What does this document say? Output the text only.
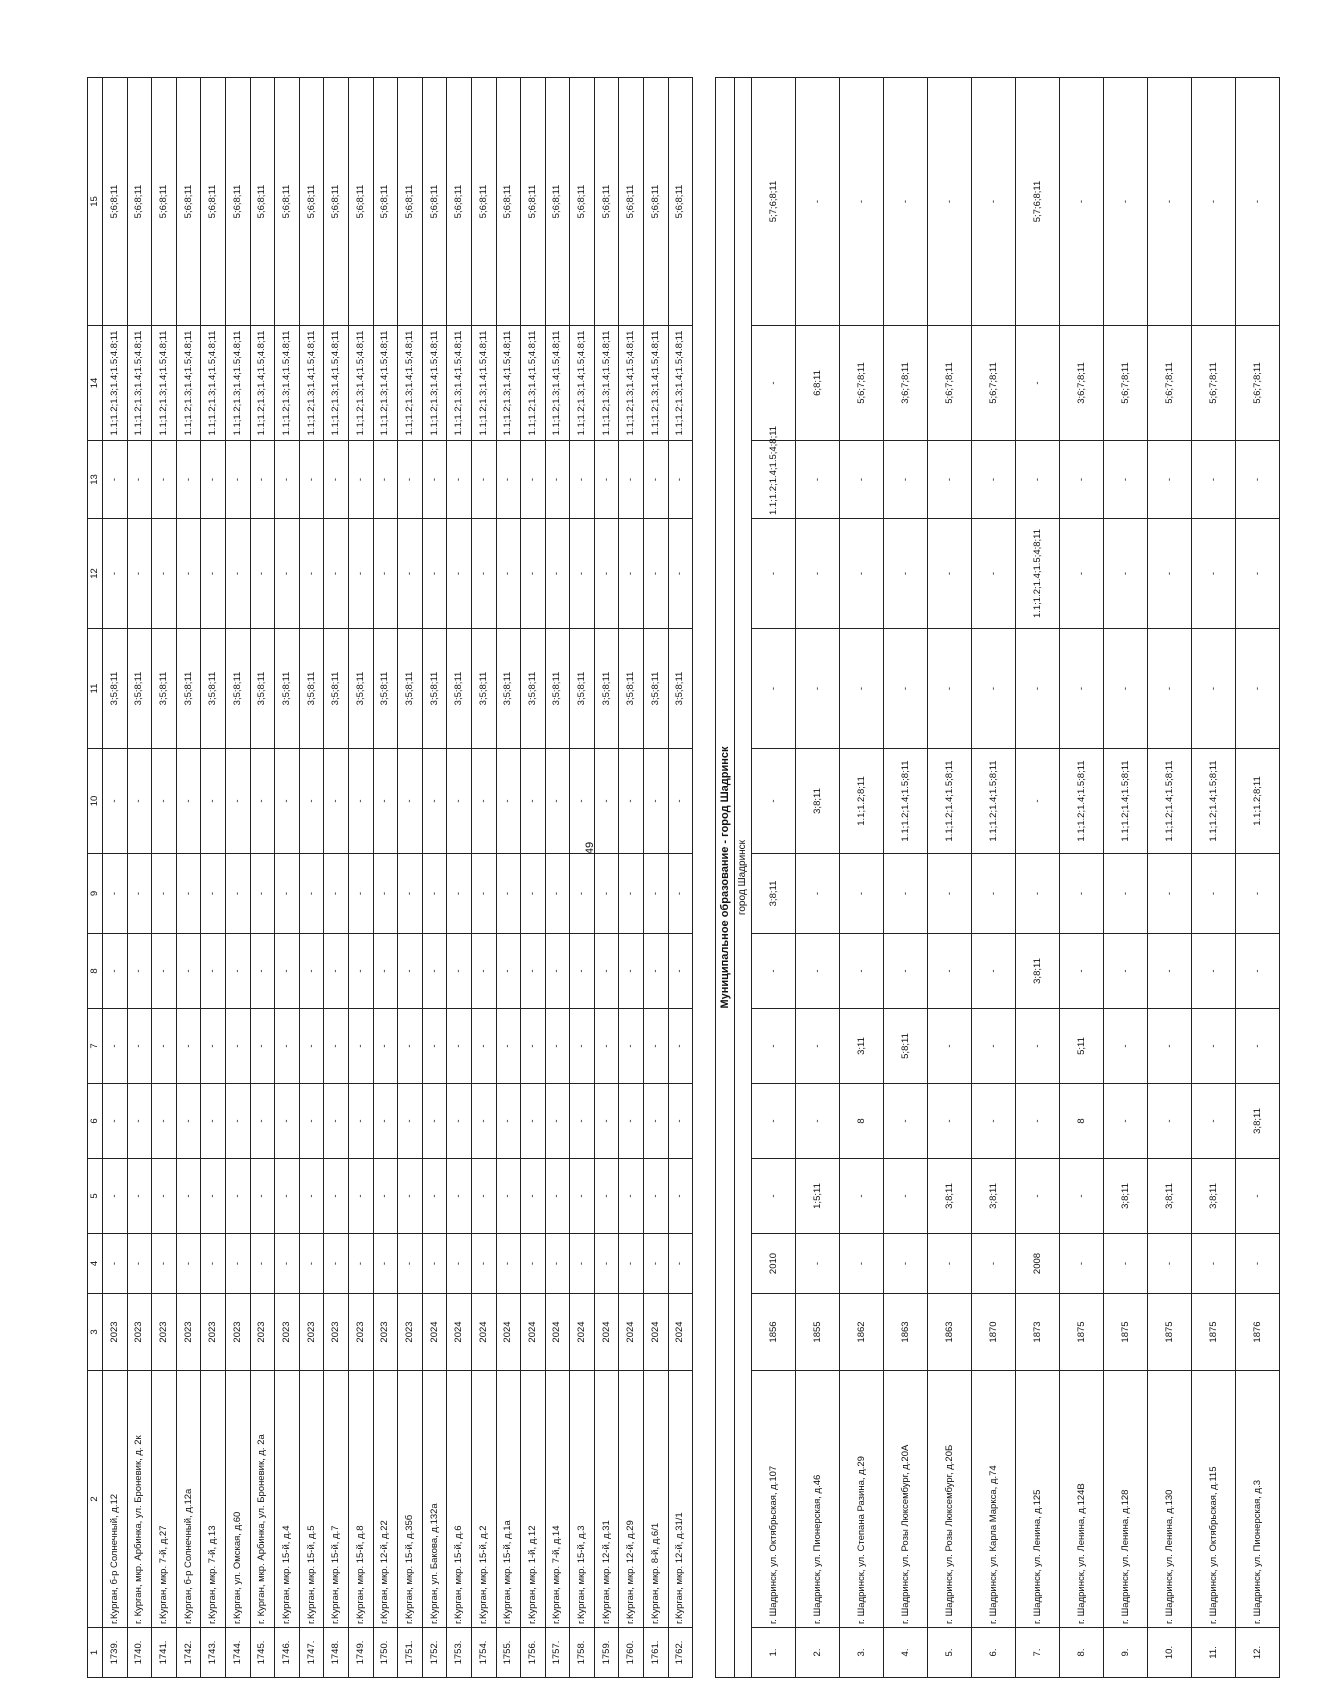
49
1	2	3	4	5	6	7	8	9	10	11	12	13	14	15
1739.	г.Курган, б-р Солнечный, д.12	2023	-	-	-	-	-	-	-	3;5;8;11	-	-	1.1;1.2;1.3;1.4;1.5;4.8;11	5;6;8;11
1740.	г. Курган, мкр. Арбинка, ул. Броневик, д. 2к	2023	-	-	-	-	-	-	-	3;5;8;11	-	-	1.1;1.2;1.3;1.4;1.5;4.8;11	5;6;8;11
1741.	г.Курган, мкр. 7-й, д.27	2023	-	-	-	-	-	-	-	3;5;8;11	-	-	1.1;1.2;1.3;1.4;1.5;4.8;11	5;6;8;11
1742.	г.Курган, б-р Солнечный, д.12а	2023	-	-	-	-	-	-	-	3;5;8;11	-	-	1.1;1.2;1.3;1.4;1.5;4.8;11	5;6;8;11
1743.	г.Курган, мкр. 7-й, д.13	2023	-	-	-	-	-	-	-	3;5;8;11	-	-	1.1;1.2;1.3;1.4;1.5;4.8;11	5;6;8;11
1744.	г.Курган, ул. Омская, д.60	2023	-	-	-	-	-	-	-	3;5;8;11	-	-	1.1;1.2;1.3;1.4;1.5;4.8;11	5;6;8;11
1745.	г. Курган, мкр. Арбинка, ул. Броневик, д. 2а	2023	-	-	-	-	-	-	-	3;5;8;11	-	-	1.1;1.2;1.3;1.4;1.5;4.8;11	5;6;8;11
1746.	г.Курган, мкр. 15-й, д.4	2023	-	-	-	-	-	-	-	3;5;8;11	-	-	1.1;1.2;1.3;1.4;1.5;4.8;11	5;6;8;11
1747.	г.Курган, мкр. 15-й, д.5	2023	-	-	-	-	-	-	-	3;5;8;11	-	-	1.1;1.2;1.3;1.4;1.5;4.8;11	5;6;8;11
1748.	г.Курган, мкр. 15-й, д.7	2023	-	-	-	-	-	-	-	3;5;8;11	-	-	1.1;1.2;1.3;1.4;1.5;4.8;11	5;6;8;11
1749.	г.Курган, мкр. 15-й, д.8	2023	-	-	-	-	-	-	-	3;5;8;11	-	-	1.1;1.2;1.3;1.4;1.5;4.8;11	5;6;8;11
1750.	г.Курган, мкр. 12-й, д.22	2023	-	-	-	-	-	-	-	3;5;8;11	-	-	1.1;1.2;1.3;1.4;1.5;4.8;11	5;6;8;11
1751.	г.Курган, мкр. 15-й, д.35б	2023	-	-	-	-	-	-	-	3;5;8;11	-	-	1.1;1.2;1.3;1.4;1.5;4.8;11	5;6;8;11
1752.	г.Курган, ул. Бакова, д.132а	2024	-	-	-	-	-	-	-	3;5;8;11	-	-	1.1;1.2;1.3;1.4;1.5;4.8;11	5;6;8;11
1753.	г.Курган, мкр. 15-й, д.6	2024	-	-	-	-	-	-	-	3;5;8;11	-	-	1.1;1.2;1.3;1.4;1.5;4.8;11	5;6;8;11
1754.	г.Курган, мкр. 15-й, д.2	2024	-	-	-	-	-	-	-	3;5;8;11	-	-	1.1;1.2;1.3;1.4;1.5;4.8;11	5;6;8;11
1755.	г.Курган, мкр. 15-й, д.1а	2024	-	-	-	-	-	-	-	3;5;8;11	-	-	1.1;1.2;1.3;1.4;1.5;4.8;11	5;6;8;11
1756.	г.Курган, мкр. 1-й, д.12	2024	-	-	-	-	-	-	-	3;5;8;11	-	-	1.1;1.2;1.3;1.4;1.5;4.8;11	5;6;8;11
1757.	г.Курган, мкр. 7-й, д.14	2024	-	-	-	-	-	-	-	3;5;8;11	-	-	1.1;1.2;1.3;1.4;1.5;4.8;11	5;6;8;11
1758.	г.Курган, мкр. 15-й, д.3	2024	-	-	-	-	-	-	-	3;5;8;11	-	-	1.1;1.2;1.3;1.4;1.5;4.8;11	5;6;8;11
1759.	г.Курган, мкр. 12-й, д.31	2024	-	-	-	-	-	-	-	3;5;8;11	-	-	1.1;1.2;1.3;1.4;1.5;4.8;11	5;6;8;11
1760.	г.Курган, мкр. 12-й, д.29	2024	-	-	-	-	-	-	-	3;5;8;11	-	-	1.1;1.2;1.3;1.4;1.5;4.8;11	5;6;8;11
1761.	г.Курган, мкр. 8-й, д.6/1	2024	-	-	-	-	-	-	-	3;5;8;11	-	-	1.1;1.2;1.3;1.4;1.5;4.8;11	5;6;8;11
1762.	г.Курган, мкр. 12-й, д.31/1	2024	-	-	-	-	-	-	-	3;5;8;11	-	-	1.1;1.2;1.3;1.4;1.5;4.8;11	5;6;8;11

Муниципальное образование - город Шадринск														
город Шадринск														
1.	г. Шадринск, ул. Октябрьская, д.107	1856	2010	-	-	-	-	3;8;11	-	-	-	1.1;1.2;1.4;1.5;4;8;11	-	5;7;6;8;11
2.	г. Шадринск, ул. Пионерская, д.46	1855	-	1;5;11	-	-	-	-	3;8;11	-	-	-	6;8;11	-
3.	г. Шадринск, ул. Степана Разина, д.29	1862	-	-	8	3;11	-	-	1.1;1.2;8;11	-	-	-	5;6;7;8;11	-
4.	г. Шадринск, ул. Розы Люксембург, д.20А	1863	-	-	-	5;8;11	-	-	1.1;1.2;1.4;1.5;8;11	-	-	-	3;6;7;8;11	-
5.	г. Шадринск, ул. Розы Люксембург, д.20Б	1863	-	3;8;11	-	-	-	-	1.1;1.2;1.4;1.5;8;11	-	-	-	5;6;7;8;11	-
6.	г. Шадринск, ул. Карла Маркса, д.74	1870	-	3;8;11	-	-	-	-	1.1;1.2;1.4;1.5;8;11	-	-	-	5;6;7;8;11	-
7.	г. Шадринск, ул. Ленина, д.125	1873	2008	-	-	-	3;8;11	-	-	-	1.1;1.2;1.4;1.5;4;8;11	-	-	5;7;6;8;11
8.	г. Шадринск, ул. Ленина, д.124В	1875	-	-	8	5;11	-	-	1.1;1.2;1.4;1.5;8;11	-	-	-	3;6;7;8;11	-
9.	г. Шадринск, ул. Ленина, д.128	1875	-	3;8;11	-	-	-	-	1.1;1.2;1.4;1.5;8;11	-	-	-	5;6;7;8;11	-
10.	г. Шадринск, ул. Ленина, д.130	1875	-	3;8;11	-	-	-	-	1.1;1.2;1.4;1.5;8;11	-	-	-	5;6;7;8;11	-
11.	г. Шадринск, ул. Октябрьская, д.115	1875	-	3;8;11	-	-	-	-	1.1;1.2;1.4;1.5;8;11	-	-	-	5;6;7;8;11	-
12.	г. Шадринск, ул. Пионерская, д.3	1876	-	-	3;8;11	-	-	-	1.1;1.2;8;11	-	-	-	5;6;7;8;11	-
